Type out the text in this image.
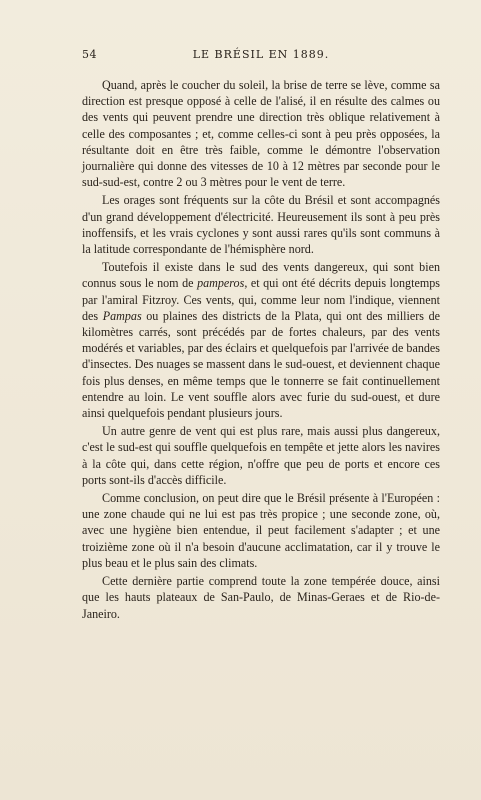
54	LE BRÉSIL EN 1889.

Quand, après le coucher du soleil, la brise de terre se lève, comme sa direction est presque opposé à celle de l'alisé, il en résulte des calmes ou des vents qui peuvent prendre une direction très oblique relativement à celle des composantes ; et, comme celles-ci sont à peu près opposées, la résultante doit en être très faible, comme le démontre l'observation journalière qui donne des vitesses de 10 à 12 mètres par seconde pour le sud-sud-est, contre 2 ou 3 mètres pour le vent de terre.

Les orages sont fréquents sur la côte du Brésil et sont accompagnés d'un grand développement d'électricité. Heureusement ils sont à peu près inoffensifs, et les vrais cyclones y sont aussi rares qu'ils sont communs à la latitude correspondante de l'hémisphère nord.

Toutefois il existe dans le sud des vents dangereux, qui sont bien connus sous le nom de pamperos, et qui ont été décrits depuis longtemps par l'amiral Fitzroy. Ces vents, qui, comme leur nom l'indique, viennent des Pampas ou plaines des districts de la Plata, qui ont des milliers de kilomètres carrés, sont précédés par de fortes chaleurs, par des vents modérés et variables, par des éclairs et quelquefois par l'arrivée de bandes d'insectes. Des nuages se massent dans le sud-ouest, et deviennent chaque fois plus denses, en même temps que le tonnerre se fait continuellement entendre au loin. Le vent souffle alors avec furie du sud-ouest, et dure ainsi quelquefois pendant plusieurs jours.

Un autre genre de vent qui est plus rare, mais aussi plus dangereux, c'est le sud-est qui souffle quelquefois en tempête et jette alors les navires à la côte qui, dans cette région, n'offre que peu de ports et encore ces ports sont-ils d'accès difficile.

Comme conclusion, on peut dire que le Brésil présente à l'Européen : une zone chaude qui ne lui est pas très propice ; une seconde zone, où, avec une hygiène bien entendue, il peut facilement s'adapter ; et une troizième zone où il n'a besoin d'aucune acclimatation, car il y trouve le plus beau et le plus sain des climats.

Cette dernière partie comprend toute la zone tempérée douce, ainsi que les hauts plateaux de San-Paulo, de Minas-Geraes et de Rio-de-Janeiro.
